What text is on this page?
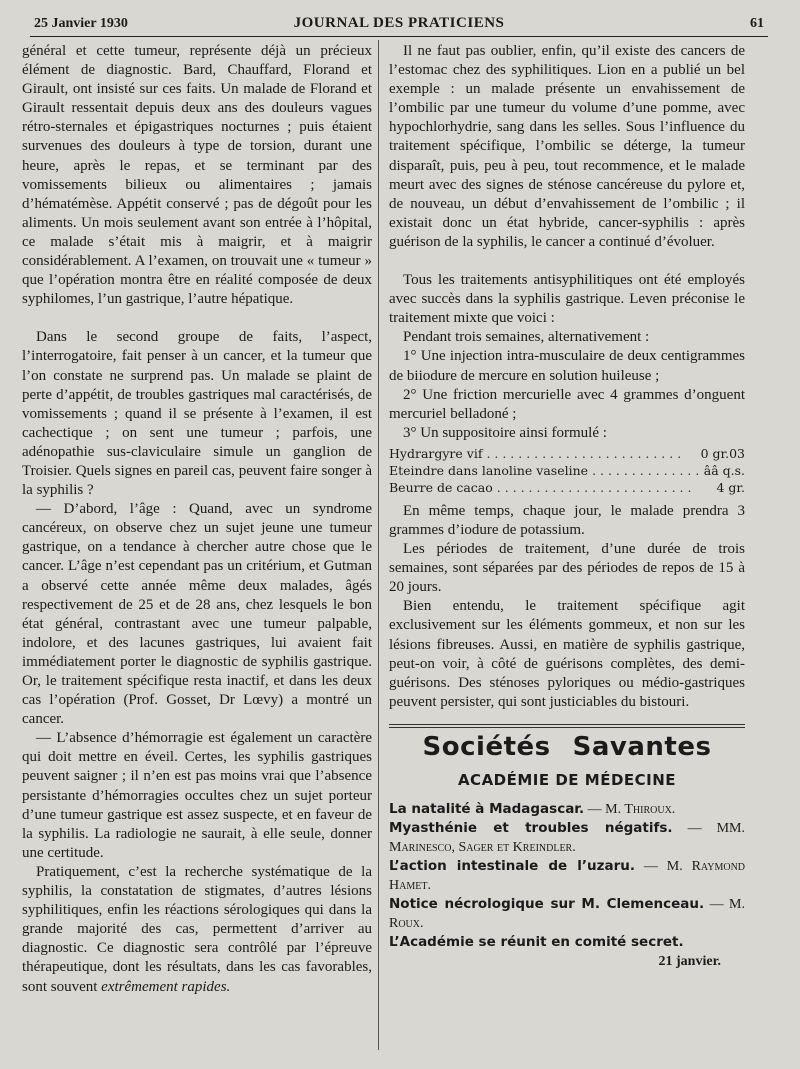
25 Janvier 1930	JOURNAL DES PRATICIENS	61

général et cette tumeur, représente déjà un précieux élément de diagnostic. Bard, Chauffard, Florand et Girault, ont insisté sur ces faits. Un malade de Florand et Girault ressentait depuis deux ans des douleurs vagues rétro-sternales et épigastriques nocturnes ; puis étaient survenues des douleurs à type de torsion, durant une heure, après le repas, et se terminant par des vomissements bilieux ou alimentaires ; jamais d’hématémèse. Appétit conservé ; pas de dégoût pour les aliments. Un mois seulement avant son entrée à l’hôpital, ce malade s’était mis à maigrir, et à maigrir considérablement. A l’examen, on trouvait une « tumeur » que l’opération montra être en réalité composée de deux syphilomes, l’un gastrique, l’autre hépatique.

Dans le second groupe de faits, l’aspect, l’interrogatoire, fait penser à un cancer, et la tumeur que l’on constate ne surprend pas. Un malade se plaint de perte d’appétit, de troubles gastriques mal caractérisés, de vomissements ; quand il se présente à l’examen, il est cachectique ; on sent une tumeur ; parfois, une adénopathie sus-claviculaire simule un ganglion de Troisier. Quels signes en pareil cas, peuvent faire songer à la syphilis ?

— D’abord, l’âge : Quand, avec un syndrome cancéreux, on observe chez un sujet jeune une tumeur gastrique, on a tendance à chercher autre chose que le cancer. L’âge n’est cependant pas un critérium, et Gutman a observé cette année même deux malades, âgés respectivement de 25 et de 28 ans, chez lesquels le bon état général, contrastant avec une tumeur palpable, indolore, et des lacunes gastriques, lui avaient fait immédiatement porter le diagnostic de syphilis gastrique. Or, le traitement spécifique resta inactif, et dans les deux cas l’opération (Prof. Gosset, Dr Lœvy) a montré un cancer.

— L’absence d’hémorragie est également un caractère qui doit mettre en éveil. Certes, les syphilis gastriques peuvent saigner ; il n’en est pas moins vrai que l’absence persistante d’hémorragies occultes chez un sujet porteur d’une tumeur gastrique est assez suspecte, et en faveur de la syphilis. La radiologie ne saurait, à elle seule, donner une certitude.

Pratiquement, c’est la recherche systématique de la syphilis, la constatation de stigmates, d’autres lésions syphilitiques, enfin les réactions sérologiques qui dans la grande majorité des cas, permettent d’arriver au diagnostic. Ce diagnostic sera contrôlé par l’épreuve thérapeutique, dont les résultats, dans les cas favorables, sont souvent extrêmement rapides.

Il ne faut pas oublier, enfin, qu’il existe des cancers de l’estomac chez des syphilitiques. Lion en a publié un bel exemple : un malade présente un envahissement de l’ombilic par une tumeur du volume d’une pomme, avec hypochlorhydrie, sang dans les selles. Sous l’influence du traitement spécifique, l’ombilic se déterge, la tumeur disparaît, puis, peu à peu, tout recommence, et le malade meurt avec des signes de sténose cancéreuse du pylore et, de nouveau, un début d’envahissement de l’ombilic ; il existait donc un état hybride, cancer-syphilis : après guérison de la syphilis, le cancer a continué d’évoluer.

Tous les traitements antisyphilitiques ont été employés avec succès dans la syphilis gastrique. Leven préconise le traitement mixte que voici :

Pendant trois semaines, alternativement :

1° Une injection intra-musculaire de deux centigrammes de biiodure de mercure en solution huileuse ;

2° Une friction mercurielle avec 4 grammes d’onguent mercuriel belladoné ;

3° Un suppositoire ainsi formulé :

Hydrargyre vif . . . . . . . . . . . . . . . . . . . . . . . . .	0 gr.03
Eteindre dans lanoline vaseline . . . . . . . . . . . . . . ââ q.s.
Beurre de cacao . . . . . . . . . . . . . . . . . . . . . . . . .	4 gr.

En même temps, chaque jour, le malade prendra 3 grammes d’iodure de potassium.

Les périodes de traitement, d’une durée de trois semaines, sont séparées par des périodes de repos de 15 à 20 jours.

Bien entendu, le traitement spécifique agit exclusivement sur les éléments gommeux, et non sur les lésions fibreuses. Aussi, en matière de syphilis gastrique, peut-on voir, à côté de guérisons complètes, des demi-guérisons. Des sténoses pyloriques ou médio-gastriques peuvent persister, qui sont justiciables du bistouri.

Sociétés Savantes
ACADÉMIE DE MÉDECINE

La natalité à Madagascar. — M. Thiroux.

Myasthénie et troubles négatifs. — MM. Marinesco, Sager et Kreindler.

L’action intestinale de l’uzaru. — M. Raymond Hamet.

Notice nécrologique sur M. Clemenceau. — M. Roux.

L’Académie se réunit en comité secret.

21 janvier.
